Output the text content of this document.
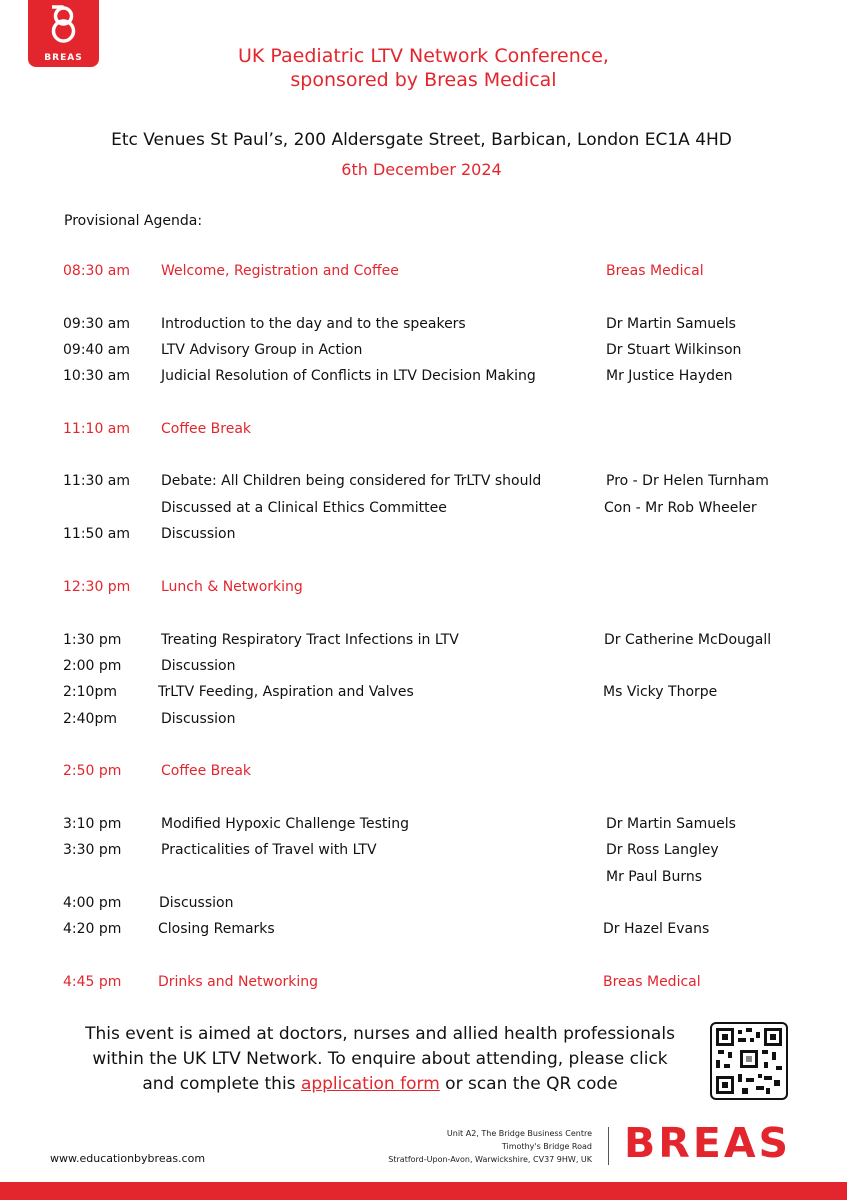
BREAS	UK Paediatric LTV Network Conference,
sponsored by Breas Medical
Etc Venues St Paul’s, 200 Aldersgate Street, Barbican, London EC1A 4HD
6th December 2024
Provisional Agenda:
08:30 am Welcome, Registration and Coffee	Breas Medical
09:30 am Introduction to the day and to the speakers	Dr Martin Samuels
09:40 am LTV Advisory Group in Action	Dr Stuart Wilkinson
10:30 am Judicial Resolution of Conflicts in LTV Decision Making	Mr Justice Hayden
11:10 am Coffee Break
11:30 am Debate: All Children being considered for TrLTV should	Pro - Dr Helen Turnham
Discussed at a Clinical Ethics Committee	Con - Mr Rob Wheeler
11:50 am Discussion
12:30 pm Lunch & Networking
1:30 pm	Treating Respiratory Tract Infections in LTV	Dr Catherine McDougall
2:00 pm	Discussion
2:10pm	TrLTV Feeding, Aspiration and Valves	Ms Vicky Thorpe
2:40pm	Discussion
2:50 pm	Coffee Break
3:10 pm	Modified Hypoxic Challenge Testing	Dr Martin Samuels
3:30 pm	Practicalities of Travel with LTV	Dr Ross Langley
Mr Paul Burns
4:00 pm	Discussion
4:20 pm	Closing Remarks	Dr Hazel Evans
4:45 pm	Drinks and Networking	Breas Medical
This event is aimed at doctors, nurses and allied health professionals
within the UK LTV Network. To enquire about attending, please click
and complete this application form or scan the QR code
www.educationbybreas.com
Unit A2, The Bridge Business Centre
Timothy's Bridge Road
Stratford-Upon-Avon, Warwickshire, CV37 9HW, UK BREAS
